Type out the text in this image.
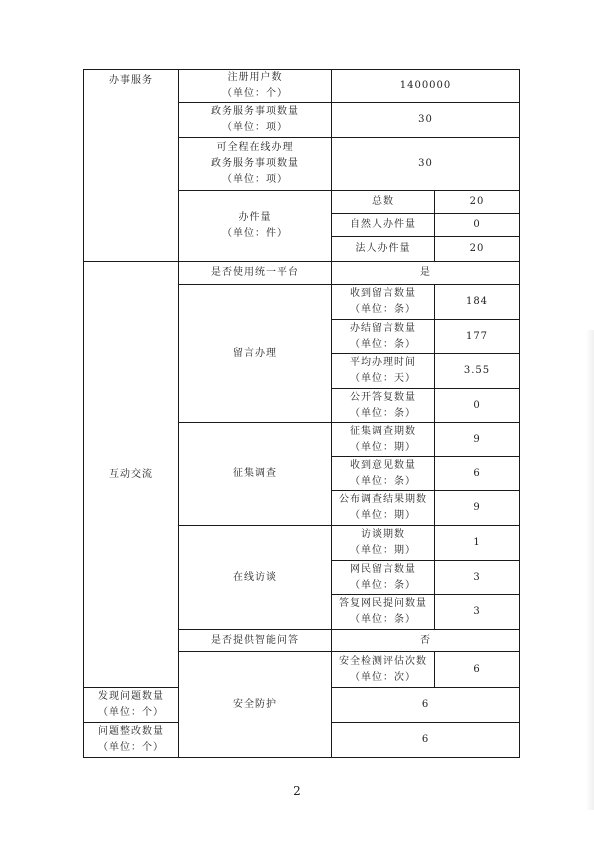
办事服务	注册用户数
（单位：个）	1400000	

	政务服务事项数量
（单位：项）	30	

	可全程在线办理
政务服务事项数量
（单位：项）	30	

	办件量
（单位：件）	总数	20
		自然人办件量	0
		法人办件量	20
互动交流	是否使用统一平台	是	
	留言办理	收到留言数量
（单位：条）	184

		办结留言数量
（单位：条）	177

		平均办理时间
（单位：天）	3.55

		公开答复数量
（单位：条）	0
	征集调查	征集调查期数
（单位：期）	9

		收到意见数量
（单位：条）	6

		公布调查结果期数
（单位：期）	9
	在线访谈	访谈期数
（单位：期）	1

		网民留言数量
（单位：条）	3

		答复网民提问数量
（单位：条）	3
	是否提供智能问答	否	
	安全防护	安全检测评估次数
（单位：次）	6

发现问题数量
（单位：个）		6	

问题整改数量
（单位：个）		6	
2
